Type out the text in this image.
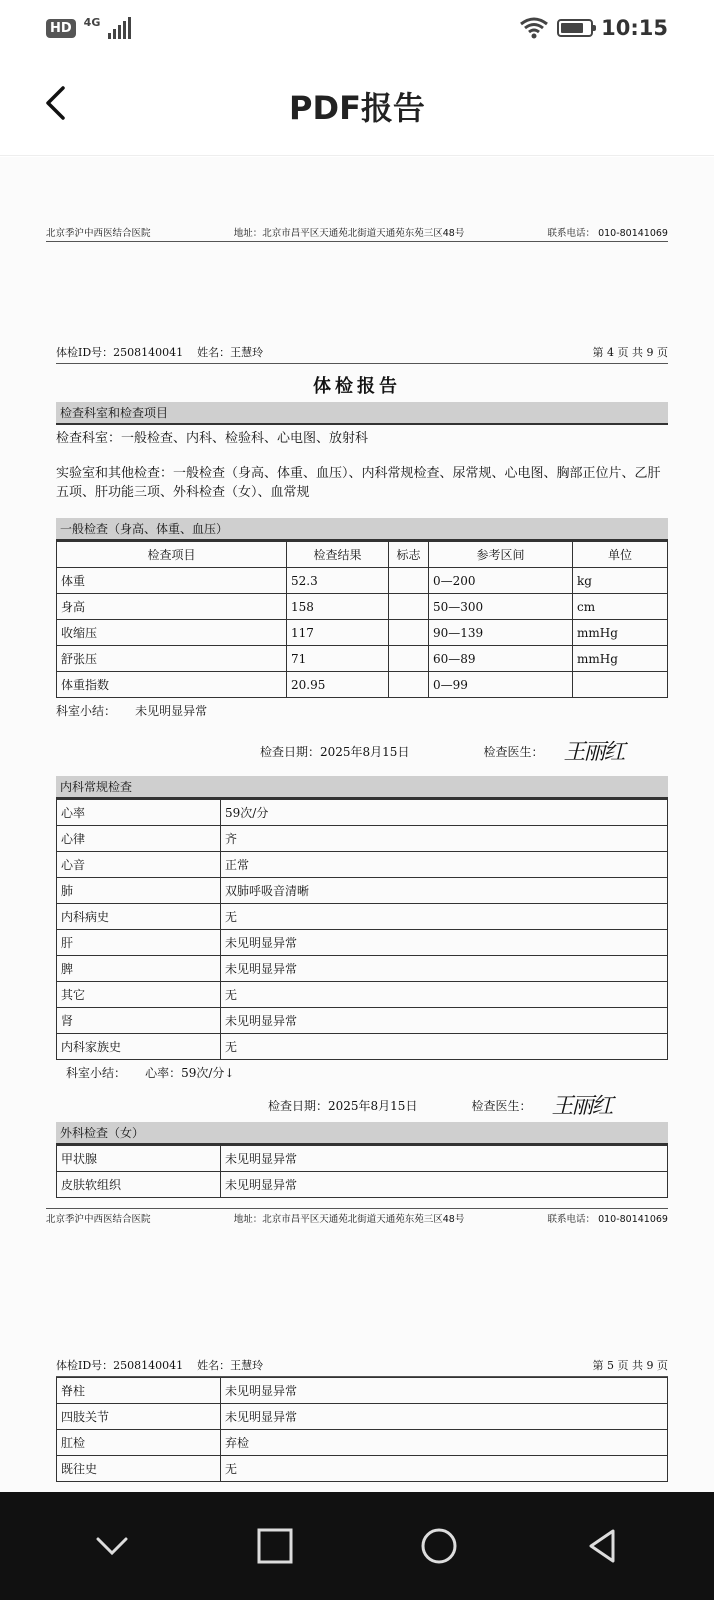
HD	4G	10:15
PDF报告
北京季沪中西医结合医院	地址：北京市昌平区天通苑北街道天通苑东苑三区48号	联系电话： 010-80141069
体检ID号：2508140041 姓名：王慧玲	第 4 页 共 9 页
体检报告
检查科室和检查项目
检查科室：一般检查、内科、检验科、心电图、放射科
实验室和其他检查：一般检查（身高、体重、血压）、内科常规检查、尿常规、心电图、胸部正位片、乙肝五项、肝功能三项、外科检查（女）、血常规
一般检查（身高、体重、血压）
检查项目	检查结果	标志	参考区间	单位
体重	52.3		0—200	kg
身高	158		50—300	cm
收缩压	117		90—139	mmHg
舒张压	71		60—89	mmHg
体重指数	20.95		0—99	
科室小结： 未见明显异常
检查日期：2025年8月15日	检查医生： 王丽红
内科常规检查
心率	59次/分
心律	齐
心音	正常
肺	双肺呼吸音清晰
内科病史	无
肝	未见明显异常
脾	未见明显异常
其它	无
肾	未见明显异常
内科家族史	无
科室小结： 心率：59次/分↓
检查日期：2025年8月15日	检查医生： 王丽红
外科检查（女）
甲状腺	未见明显异常
皮肤软组织	未见明显异常
北京季沪中西医结合医院	地址：北京市昌平区天通苑北街道天通苑东苑三区48号	联系电话： 010-80141069
体检ID号：2508140041 姓名：王慧玲	第 5 页 共 9 页
脊柱	未见明显异常
四肢关节	未见明显异常
肛检	弃检
既往史	无
